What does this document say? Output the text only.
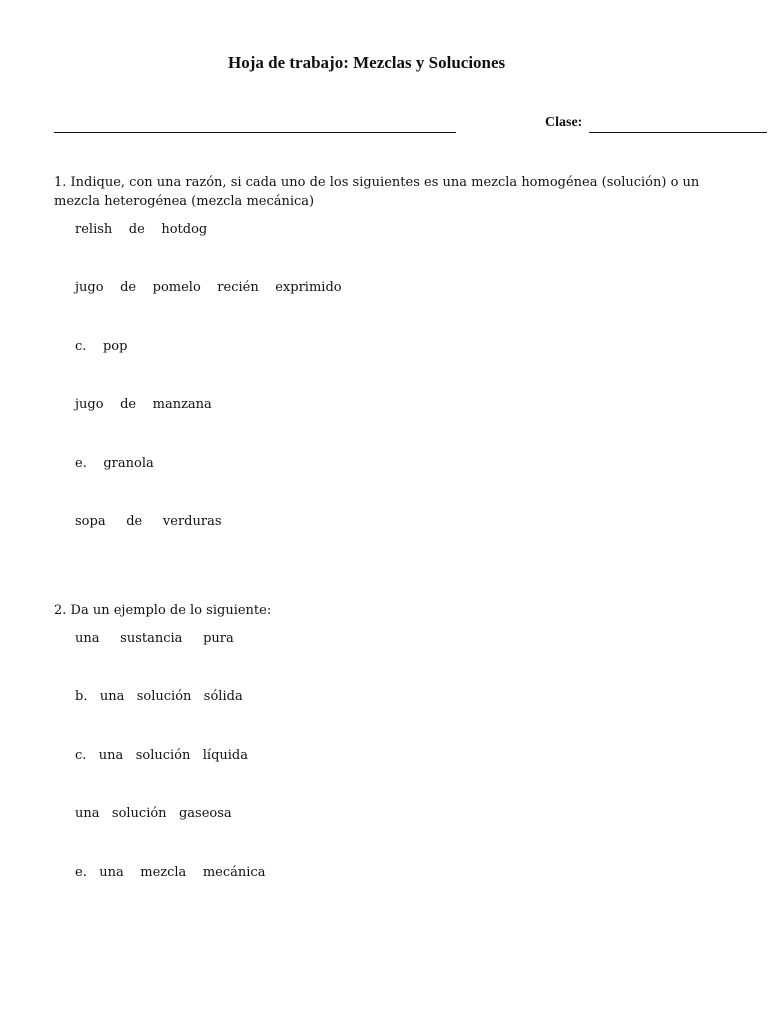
Hoja de trabajo: Mezclas y Soluciones
Clase:
1. Indique, con una razón, si cada uno de los siguientes es una mezcla homogénea (solución) o un mezcla heterogénea (mezcla mecánica)
relish    de    hotdog
jugo    de    pomelo    recién    exprimido
c.    pop
jugo    de    manzana
e.    granola
sopa     de     verduras
2. Da un ejemplo de lo siguiente:
una     sustancia     pura
b.   una   solución   sólida
c.   una   solución   líquida
una   solución   gaseosa
e.   una    mezcla    mecánica
